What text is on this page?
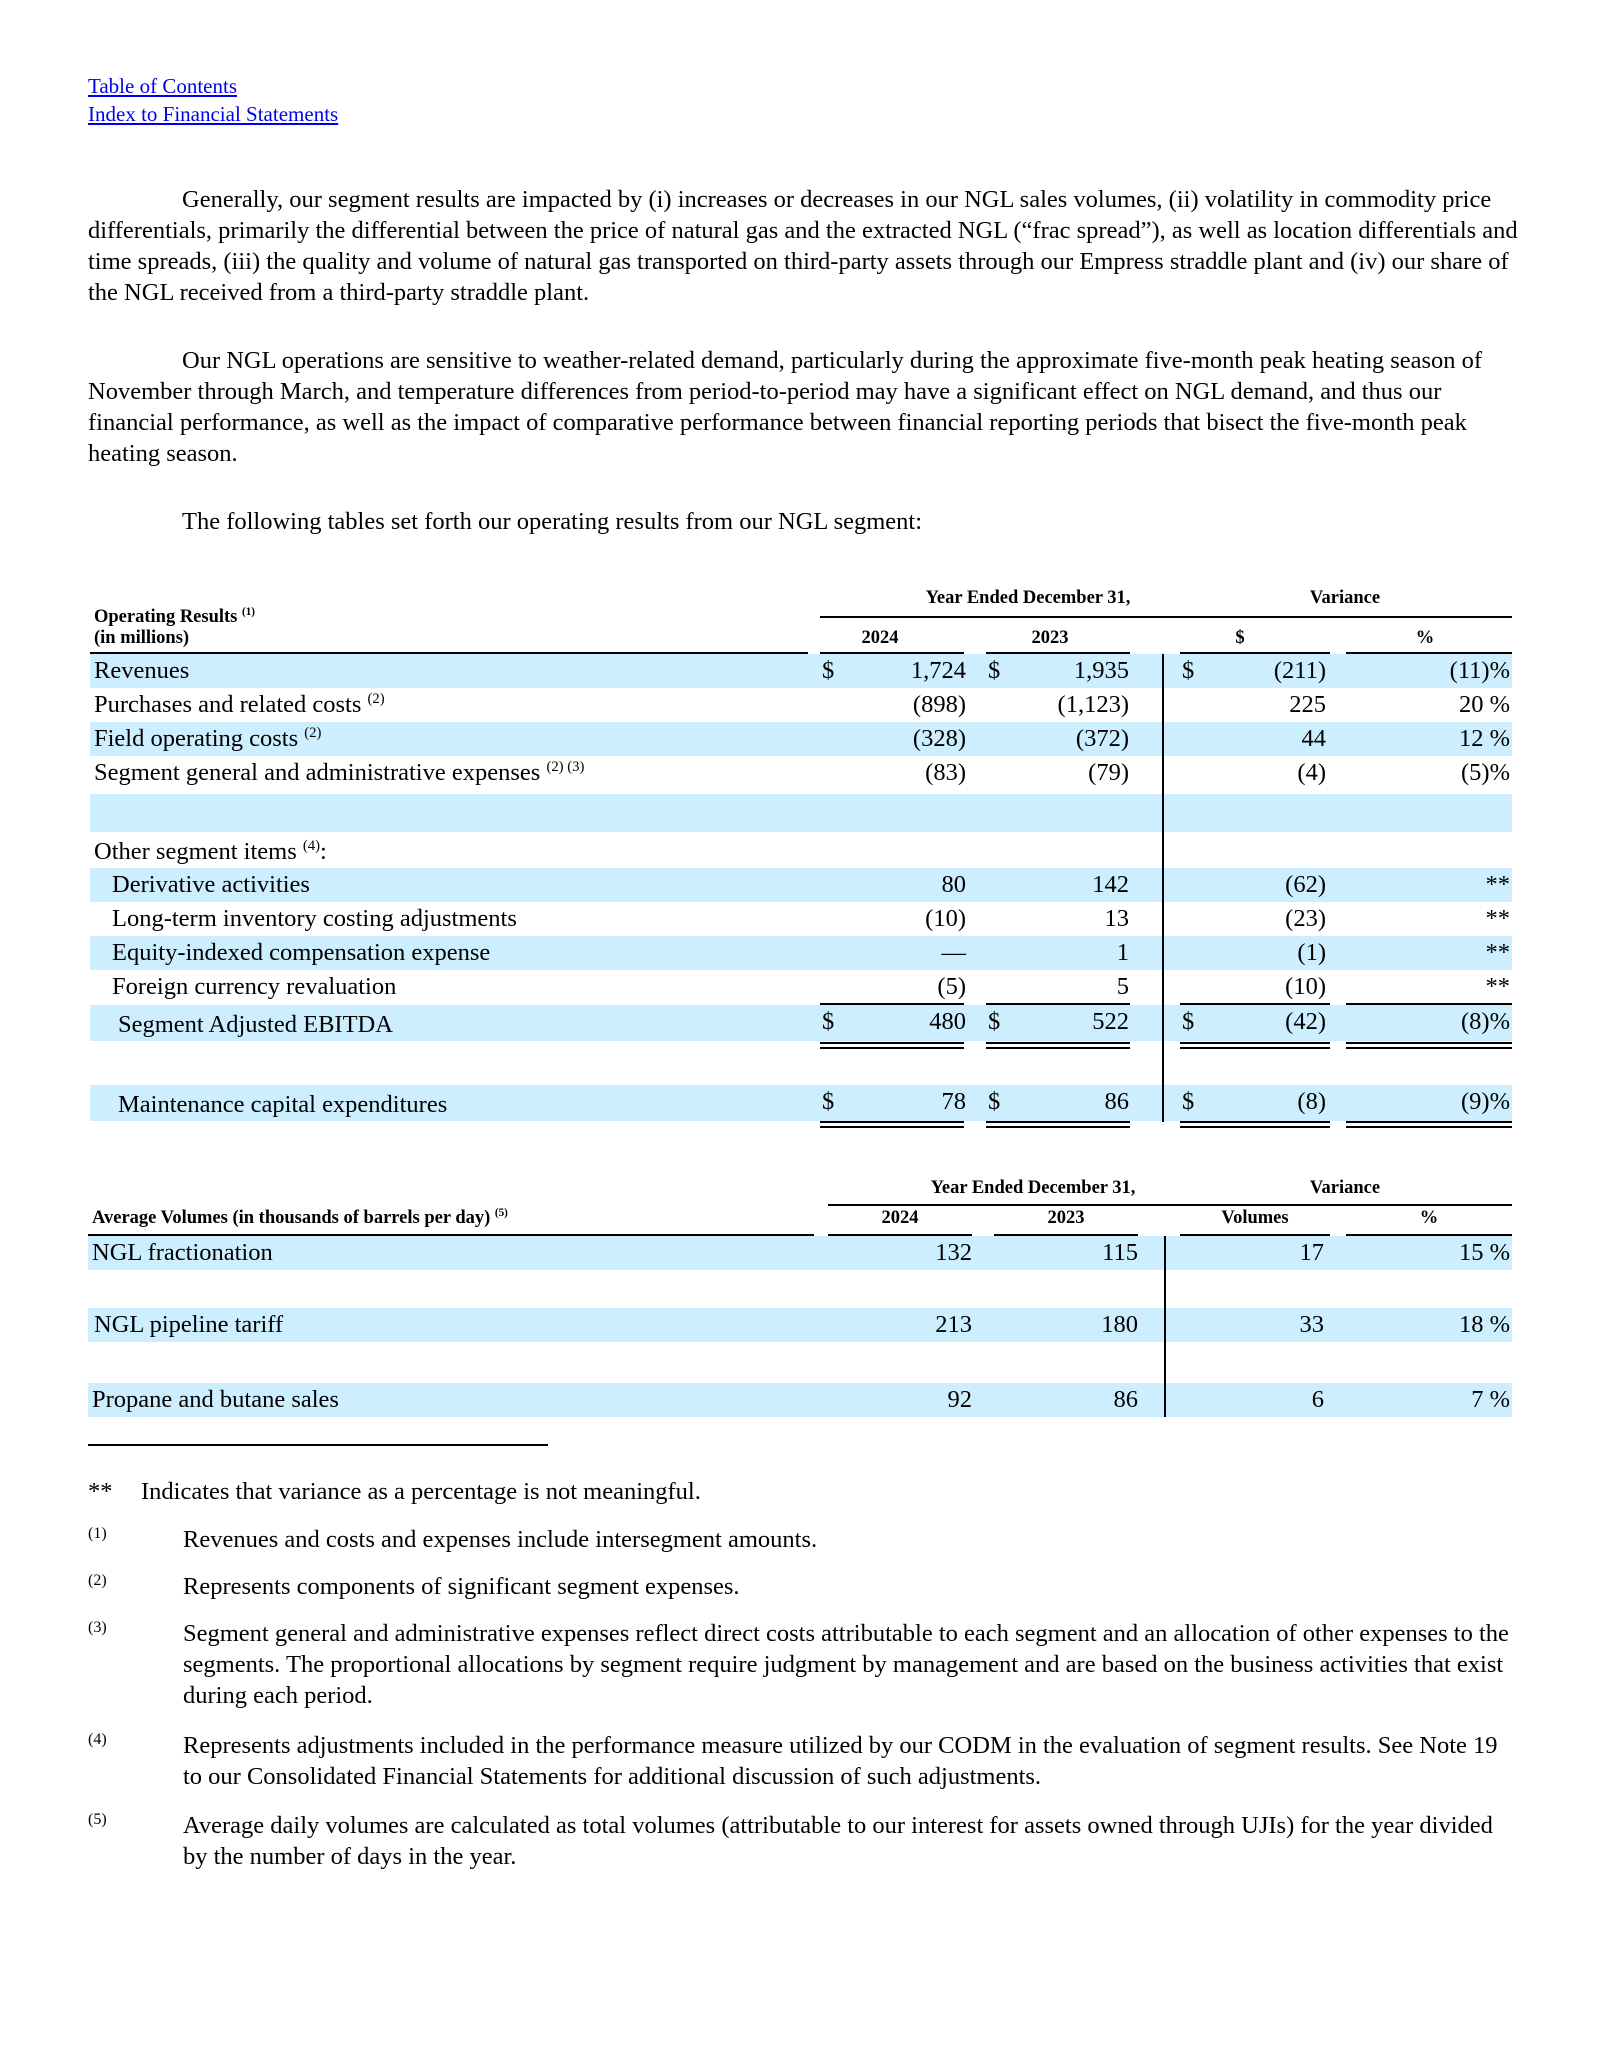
Table of Contents
Index to Financial Statements

Generally, our segment results are impacted by (i) increases or decreases in our NGL sales volumes, (ii) volatility in commodity price differentials, primarily the differential between the price of natural gas and the extracted NGL (“frac spread”), as well as location differentials and time spreads, (iii) the quality and volume of natural gas transported on third-party assets through our Empress straddle plant and (iv) our share of the NGL received from a third-party straddle plant.

Our NGL operations are sensitive to weather-related demand, particularly during the approximate five-month peak heating season of November through March, and temperature differences from period-to-period may have a significant effect on NGL demand, and thus our financial performance, as well as the impact of comparative performance between financial reporting periods that bisect the five-month peak heating season.

The following tables set forth our operating results from our NGL segment:

Year Ended December 31,	Variance
Operating Results $^{(1)}$
(in millions)	2024	2023	$	%
Revenues	$	1,724 $	1,935 $	(211)	(11)%
Purchases and related costs $^{(2)}$	(898)	(1,123)	225	20 %
Field operating costs $^{(2)}$	(328)	(372)	44	12 %
Segment general and administrative expenses $^{(2) (3)}$	(83)	(79)	(4)	(5)%
Other segment items $^{(4)}$:
Derivative activities	80	142	(62)	**
Long-term inventory costing adjustments	(10)	13	(23)	**
Equity-indexed compensation expense	—	1	(1)	**
Foreign currency revaluation	(5)	5	(10)	**
Segment Adjusted EBITDA	$	480 $	522 $	(42)	(8)%
Maintenance capital expenditures	$	78 $	86 $	(8)	(9)%
Year Ended December 31,	Variance
Average Volumes (in thousands of barrels per day) $^{(5)}$	2024	2023	Volumes	%
NGL fractionation	132	115	17	15 %
NGL pipeline tariff	213	180	33	18 %
Propane and butane sales	92	86	6	7 %
** Indicates that variance as a percentage is not meaningful.
(1)	Revenues and costs and expenses include intersegment amounts.
(2)	Represents components of significant segment expenses.
(3)	Segment general and administrative expenses reflect direct costs attributable to each segment and an allocation of other expenses to the segments. The proportional allocations by segment require judgment by management and are based on the business activities that exist during each period.
(4)	Represents adjustments included in the performance measure utilized by our CODM in the evaluation of segment results. See Note 19 to our Consolidated Financial Statements for additional discussion of such adjustments.
(5)	Average daily volumes are calculated as total volumes (attributable to our interest for assets owned through UJIs) for the year divided by the number of days in the year.
